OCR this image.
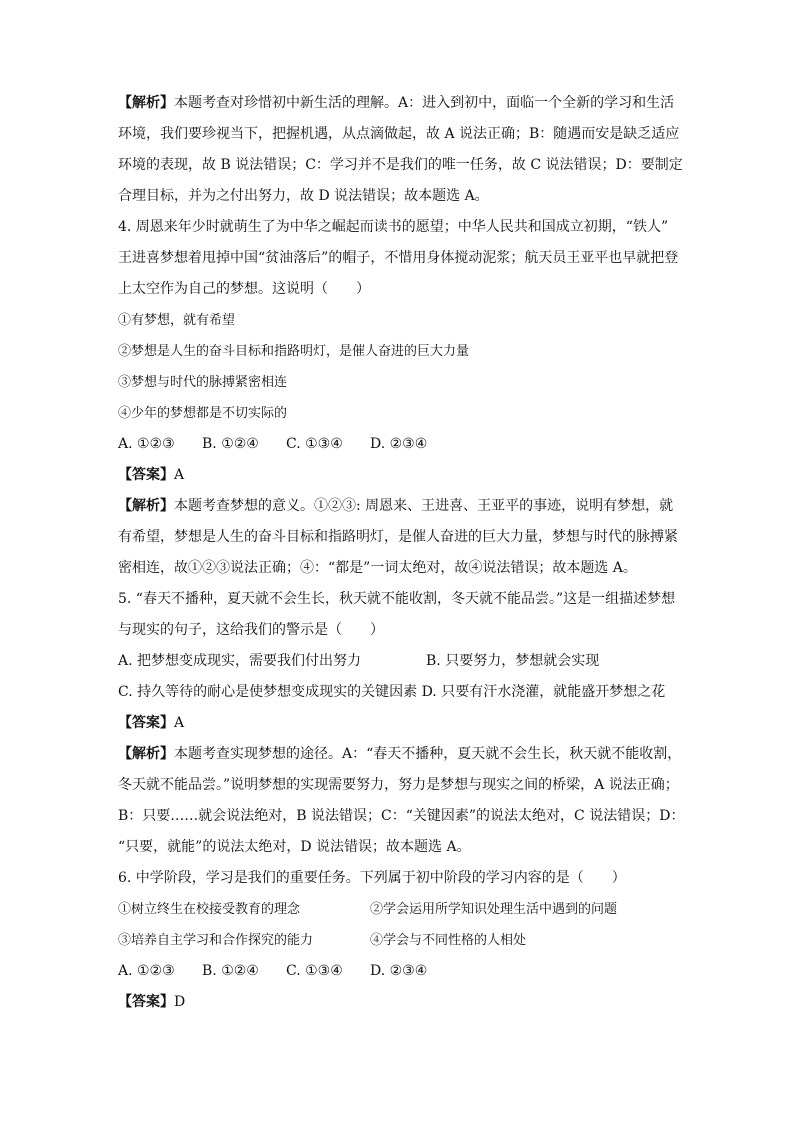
【解析】本题考查对珍惜初中新生活的理解。A：进入到初中，面临一个全新的学习和生活
环境，我们要珍视当下，把握机遇，从点滴做起，故 A 说法正确；B：随遇而安是缺乏适应
环境的表现，故 B 说法错误；C：学习并不是我们的唯一任务，故 C 说法错误；D：要制定
合理目标，并为之付出努力，故 D 说法错误；故本题选 A。
4. 周恩来年少时就萌生了为中华之崛起而读书的愿望；中华人民共和国成立初期，“铁人”
王进喜梦想着甩掉中国“贫油落后”的帽子，不惜用身体搅动泥浆；航天员王亚平也早就把登
上太空作为自己的梦想。这说明（　　）
①有梦想，就有希望
②梦想是人生的奋斗目标和指路明灯，是催人奋进的巨大力量
③梦想与时代的脉搏紧密相连
④少年的梦想都是不切实际的
A. ①②③ B. ①②④ C. ①③④ D. ②③④
【答案】A
【解析】本题考查梦想的意义。①②③: 周恩来、王进喜、王亚平的事迹，说明有梦想，就
有希望，梦想是人生的奋斗目标和指路明灯，是催人奋进的巨大力量，梦想与时代的脉搏紧
密相连，故①②③说法正确；④：“都是”一词太绝对，故④说法错误；故本题选 A。
5. “春天不播种，夏天就不会生长，秋天就不能收割，冬天就不能品尝。”这是一组描述梦想
与现实的句子，这给我们的警示是（　　）
A. 把梦想变成现实，需要我们付出努力	B. 只要努力，梦想就会实现
C. 持久等待的耐心是使梦想变成现实的关键因素 D. 只要有汗水浇灌，就能盛开梦想之花
【答案】A
【解析】本题考查实现梦想的途径。A：“春天不播种，夏天就不会生长，秋天就不能收割，
冬天就不能品尝。”说明梦想的实现需要努力，努力是梦想与现实之间的桥梁，A 说法正确；
B：只要……就会说法绝对，B 说法错误；C：“关键因素”的说法太绝对，C 说法错误；D：
“只要，就能”的说法太绝对，D 说法错误；故本题选 A。
6. 中学阶段，学习是我们的重要任务。下列属于初中阶段的学习内容的是（　　）
①树立终生在校接受教育的理念	②学会运用所学知识处理生活中遇到的问题
③培养自主学习和合作探究的能力	④学会与不同性格的人相处
A. ①②③ B. ①②④ C. ①③④ D. ②③④
【答案】D
